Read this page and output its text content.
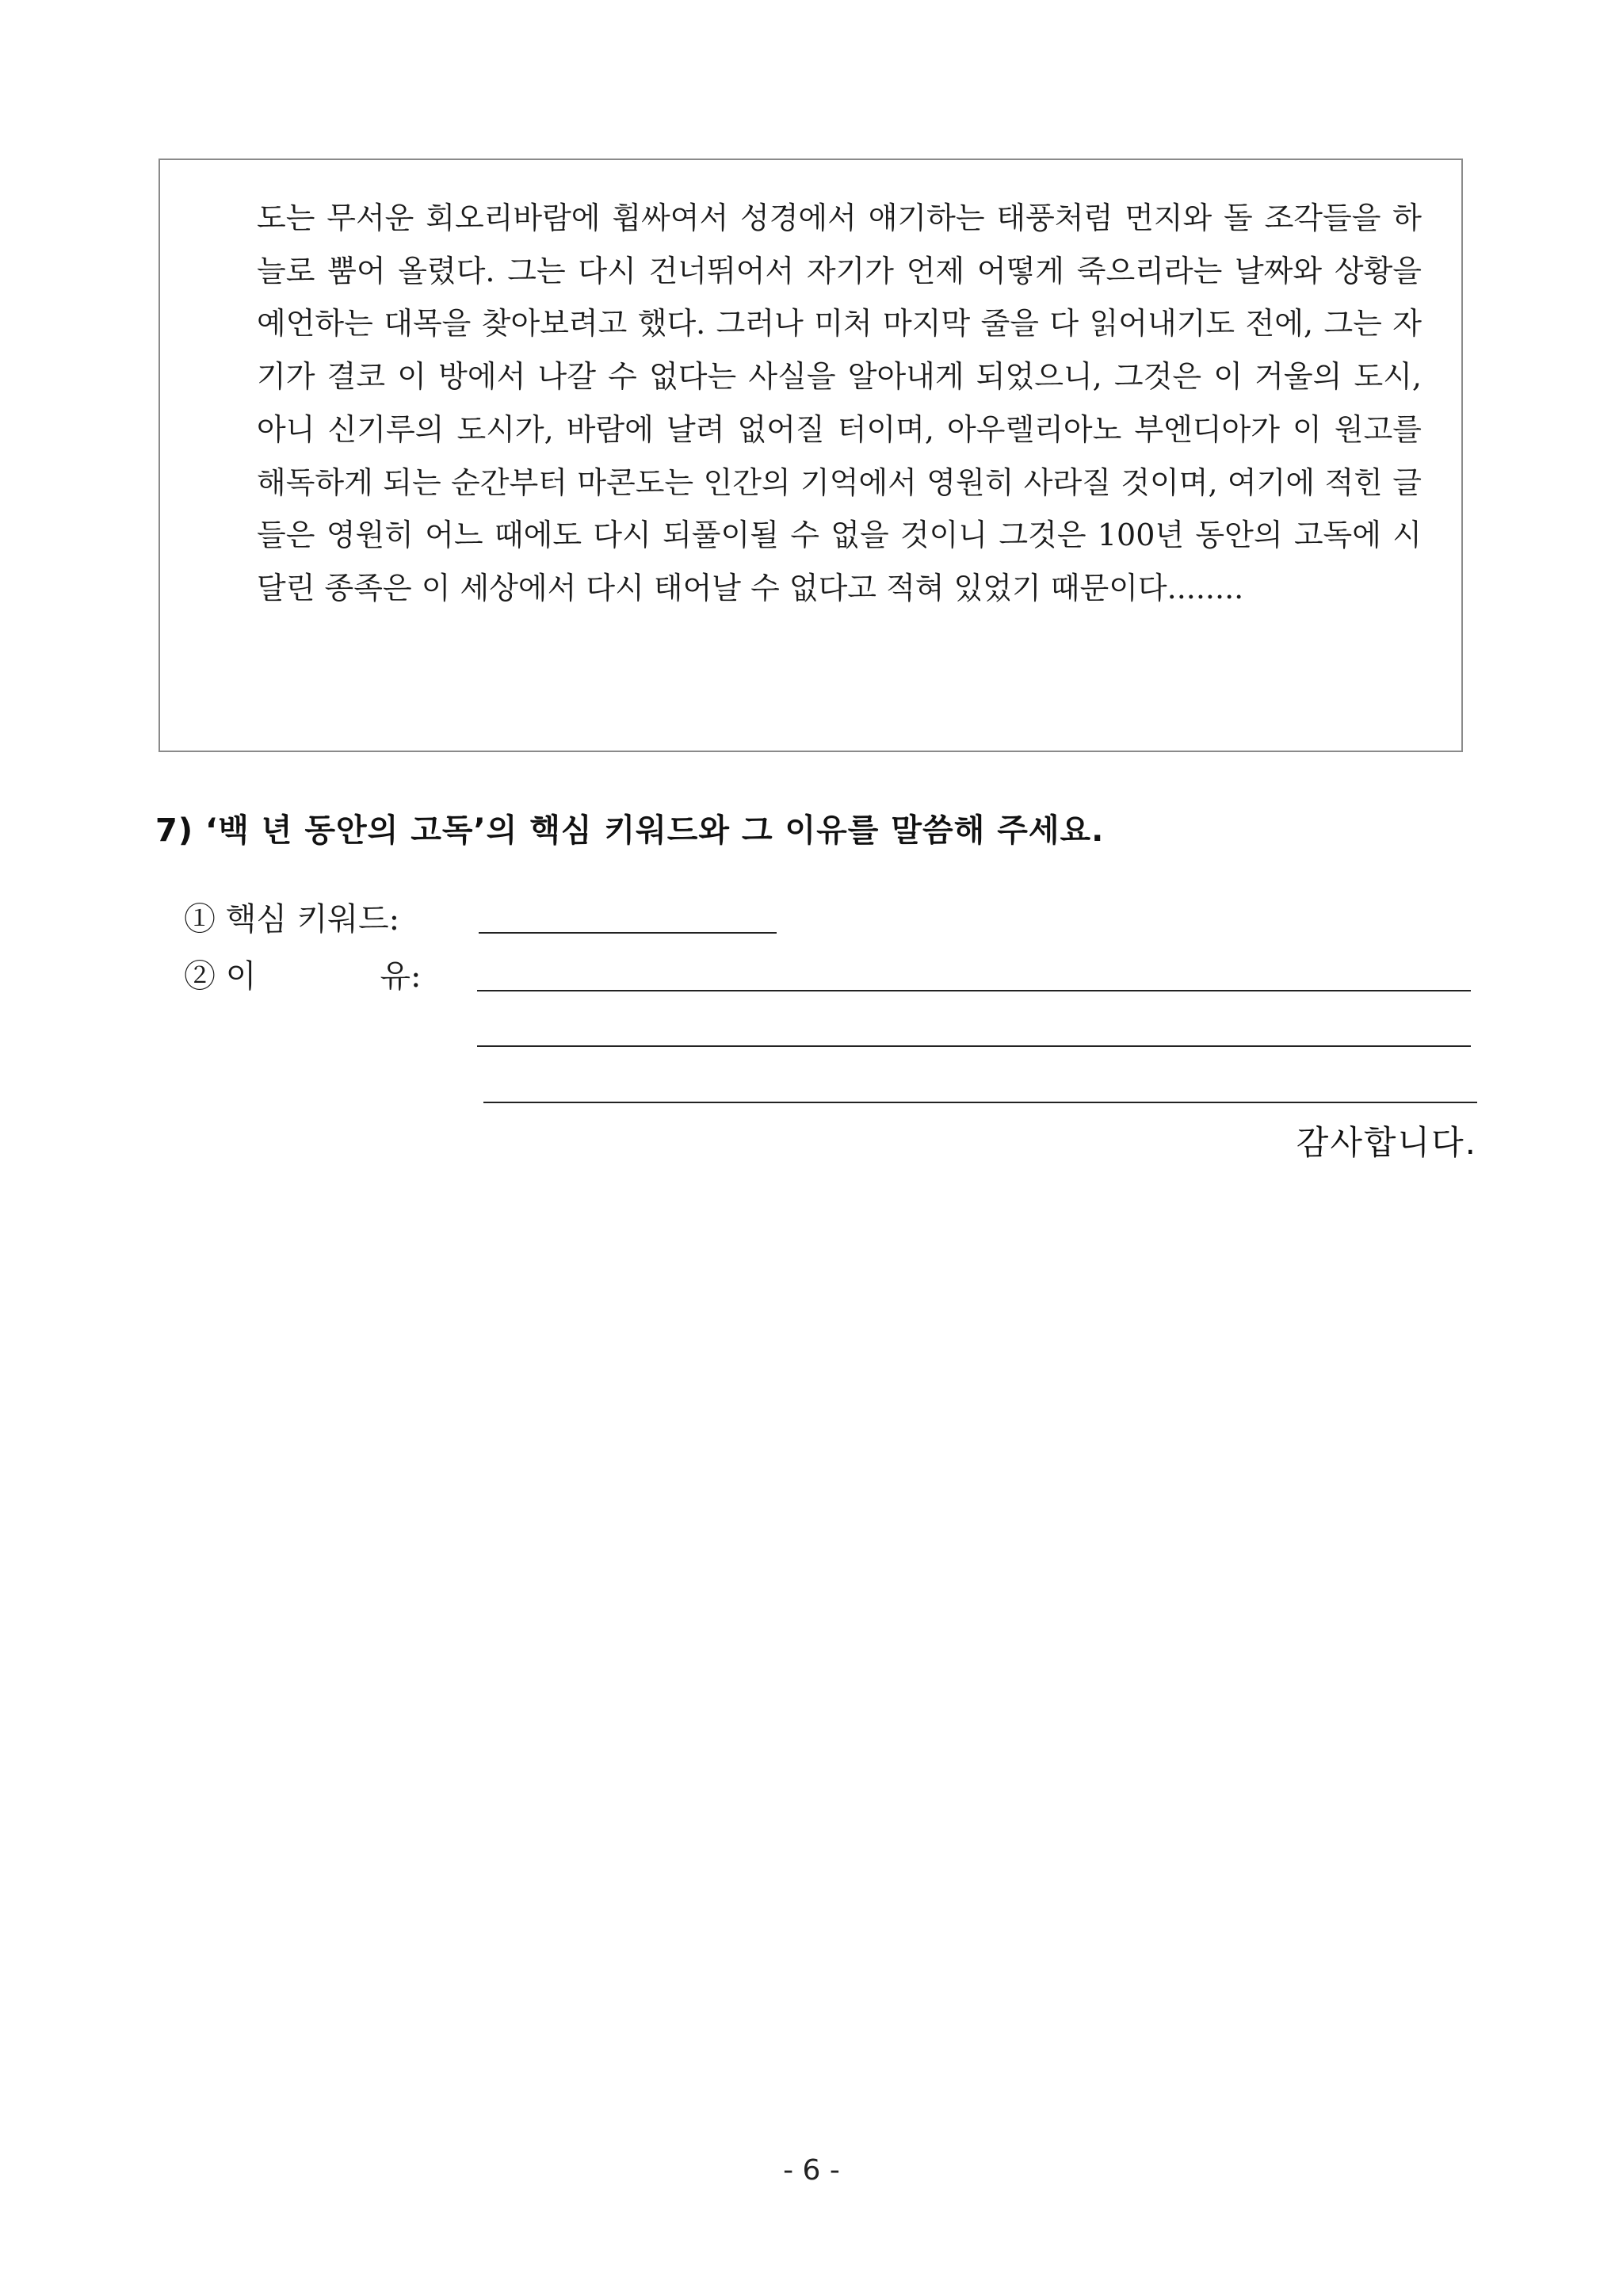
도는 무서운 회오리바람에 휩싸여서 성경에서 얘기하는 태풍처럼 먼지와 돌 조각들을 하늘로 뿜어 올렸다. 그는 다시 건너뛰어서 자기가 언제 어떻게 죽으리라는 날짜와 상황을 예언하는 대목을 찾아보려고 했다. 그러나 미처 마지막 줄을 다 읽어내기도 전에, 그는 자기가 결코 이 방에서 나갈 수 없다는 사실을 알아내게 되었으니, 그것은 이 거울의 도시, 아니 신기루의 도시가, 바람에 날려 없어질 터이며, 아우렐리아노 부엔디아가 이 원고를 해독하게 되는 순간부터 마콘도는 인간의 기억에서 영원히 사라질 것이며, 여기에 적힌 글들은 영원히 어느 때에도 다시 되풀이될 수 없을 것이니 그것은 100년 동안의 고독에 시달린 종족은 이 세상에서 다시 태어날 수 없다고 적혀 있었기 때문이다........

7) ‘백 년 동안의 고독’의 핵심 키워드와 그 이유를 말씀해 주세요.

① 핵심 키워드:
② 이	유:

감사합니다.

- 6 -
